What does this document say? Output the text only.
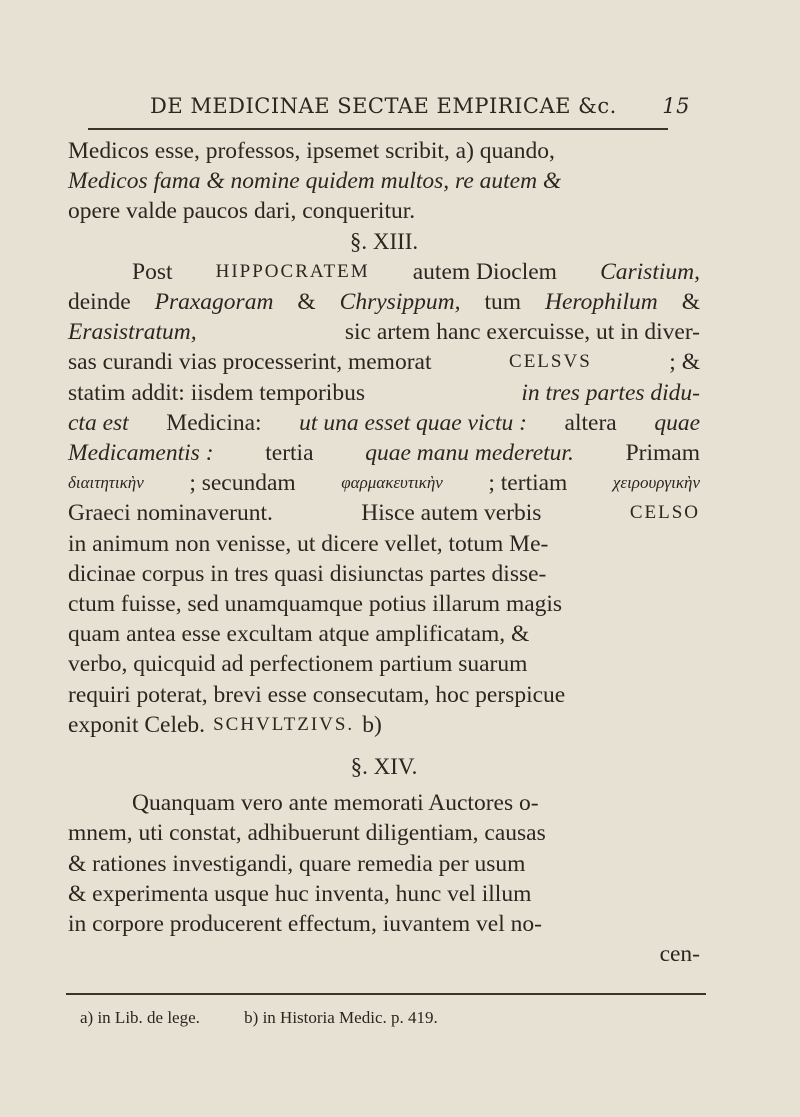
DE MEDICINAE SECTAE EMPIRICAE &c. 15
Medicos esse, professos, ipsemet scribit, a) quando,
Medicos fama & nomine quidem multos, re autem &
opere valde paucos dari, conqueritur.
§. XIII.
Post HIPPOCRATEM autem Dioclem Caristium,
deinde Praxagoram & Chrysippum, tum Herophilum &
Erasistratum,	sic artem hanc exercuisse, ut in diver-
sas curandi vias processerint, memorat	CELSVS	; &
statim addit: iisdem temporibus	in tres partes didu-
cta est Medicina: ut una esset quae victu : altera quae
Medicamentis : tertia quae manu mederetur. Primam
διαιτητικὴν ; secundam	φαρμακευτικὴν ; tertiam	χειρουργικὴν
Graeci nominaverunt.	Hisce autem verbis	CELSO
in animum non venisse, ut dicere vellet, totum Me-
dicinae corpus in tres quasi disiunctas partes disse-
ctum fuisse, sed unamquamque potius illarum magis
quam antea esse excultam atque amplificatam, &
verbo, quicquid ad perfectionem partium suarum
requiri poterat, brevi esse consecutam, hoc perspicue
exponit Celeb. SCHVLTZIVS. b)
§. XIV.
Quanquam vero ante memorati Auctores o-
mnem, uti constat, adhibuerunt diligentiam, causas
& rationes investigandi, quare remedia per usum
& experimenta usque huc inventa, hunc vel illum
in corpore producerent effectum, iuvantem vel no-
cen-
a) in Lib. de lege.	b) in Historia Medic. p. 419.
